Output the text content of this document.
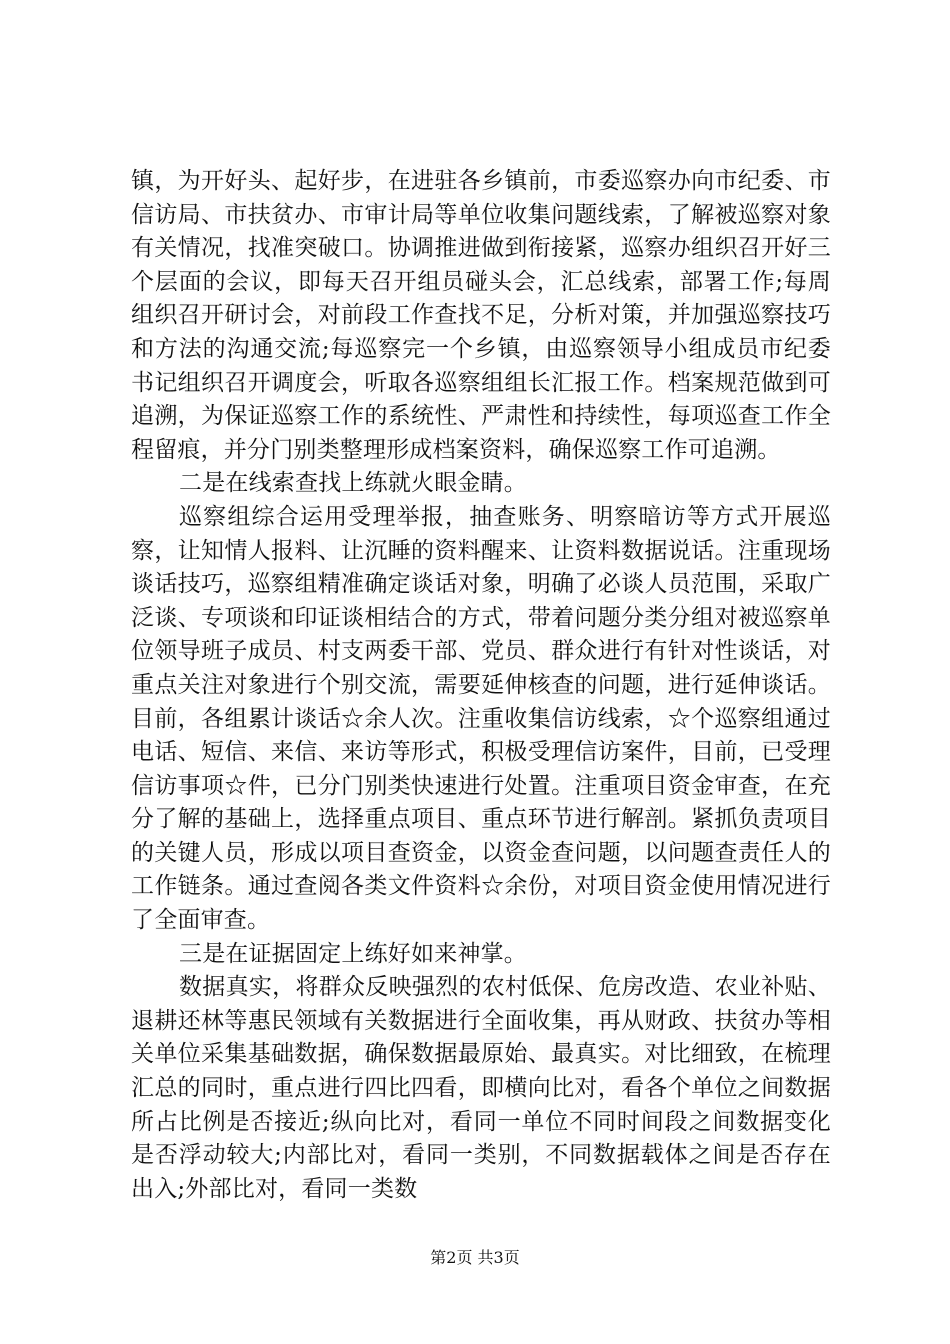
镇，为开好头、起好步，在进驻各乡镇前，市委巡察办向市纪委、市信访局、市扶贫办、市审计局等单位收集问题线索，了解被巡察对象有关情况，找准突破口。协调推进做到衔接紧，巡察办组织召开好三个层面的会议，即每天召开组员碰头会，汇总线索，部署工作;每周组织召开研讨会，对前段工作查找不足，分析对策，并加强巡察技巧和方法的沟通交流;每巡察完一个乡镇，由巡察领导小组成员市纪委书记组织召开调度会，听取各巡察组组长汇报工作。档案规范做到可追溯，为保证巡察工作的系统性、严肃性和持续性，每项巡查工作全程留痕，并分门别类整理形成档案资料，确保巡察工作可追溯。

二是在线索查找上练就火眼金睛。

巡察组综合运用受理举报，抽查账务、明察暗访等方式开展巡察，让知情人报料、让沉睡的资料醒来、让资料数据说话。注重现场谈话技巧，巡察组精准确定谈话对象，明确了必谈人员范围，采取广泛谈、专项谈和印证谈相结合的方式，带着问题分类分组对被巡察单位领导班子成员、村支两委干部、党员、群众进行有针对性谈话，对重点关注对象进行个别交流，需要延伸核查的问题，进行延伸谈话。目前，各组累计谈话☆余人次。注重收集信访线索，☆个巡察组通过电话、短信、来信、来访等形式，积极受理信访案件，目前，已受理信访事项☆件，已分门别类快速进行处置。注重项目资金审查，在充分了解的基础上，选择重点项目、重点环节进行解剖。紧抓负责项目的关键人员，形成以项目查资金，以资金查问题，以问题查责任人的工作链条。通过查阅各类文件资料☆余份，对项目资金使用情况进行了全面审查。

三是在证据固定上练好如来神掌。

数据真实，将群众反映强烈的农村低保、危房改造、农业补贴、退耕还林等惠民领域有关数据进行全面收集，再从财政、扶贫办等相关单位采集基础数据，确保数据最原始、最真实。对比细致，在梳理汇总的同时，重点进行四比四看，即横向比对，看各个单位之间数据所占比例是否接近;纵向比对，看同一单位不同时间段之间数据变化是否浮动较大;内部比对，看同一类别，不同数据载体之间是否存在出入;外部比对，看同一类数

第2页 共3页
